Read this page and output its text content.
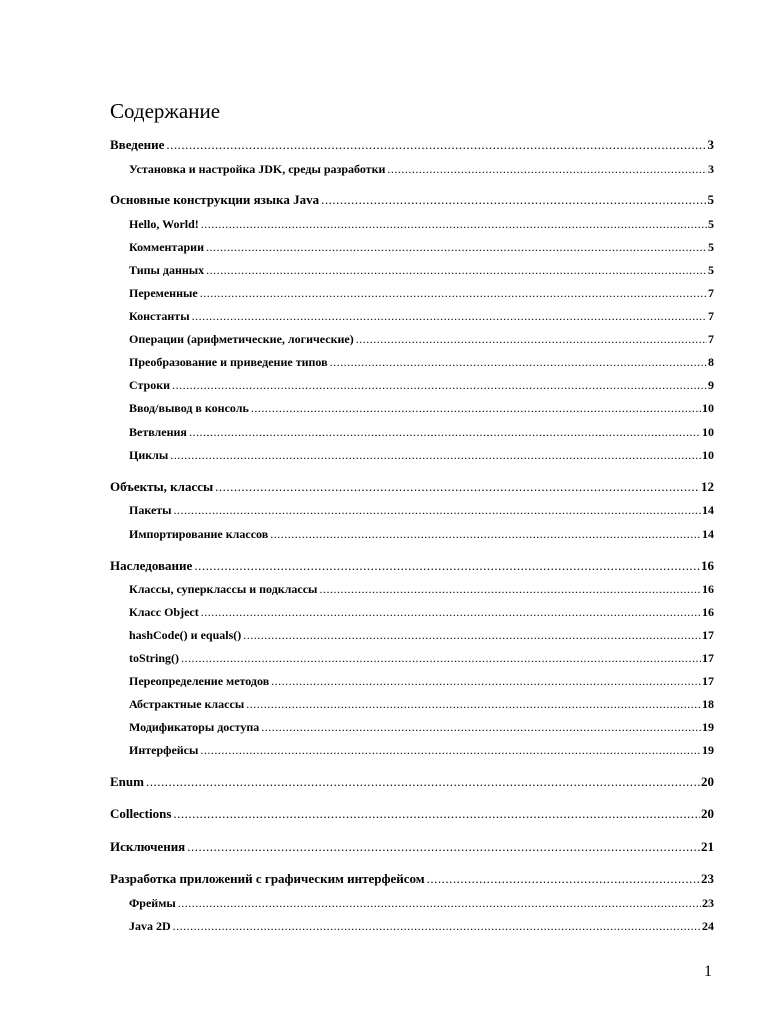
Содержание
Введение .....	3
Установка и настройка JDK, среды разработки .....	3
Основные конструкции языка Java .....	5
Hello, World! .....	5
Комментарии .....	5
Типы данных .....	5
Переменные .....	7
Константы .....	7
Операции (арифметические, логические) .....	7
Преобразование и приведение типов .....	8
Строки .....	9
Ввод/вывод в консоль .....	10
Ветвления .....	10
Циклы .....	10
Объекты, классы .....	12
Пакеты .....	14
Импортирование классов .....	14
Наследование .....	16
Классы, суперклассы и подклассы .....	16
Класс Object .....	16
hashCode() и equals() .....	17
toString() .....	17
Переопределение методов .....	17
Абстрактные классы .....	18
Модификаторы доступа .....	19
Интерфейсы .....	19
Enum .....	20
Collections .....	20
Исключения .....	21
Разработка приложений с графическим интерфейсом .....	23
Фреймы .....	23
Java 2D .....	24
1
